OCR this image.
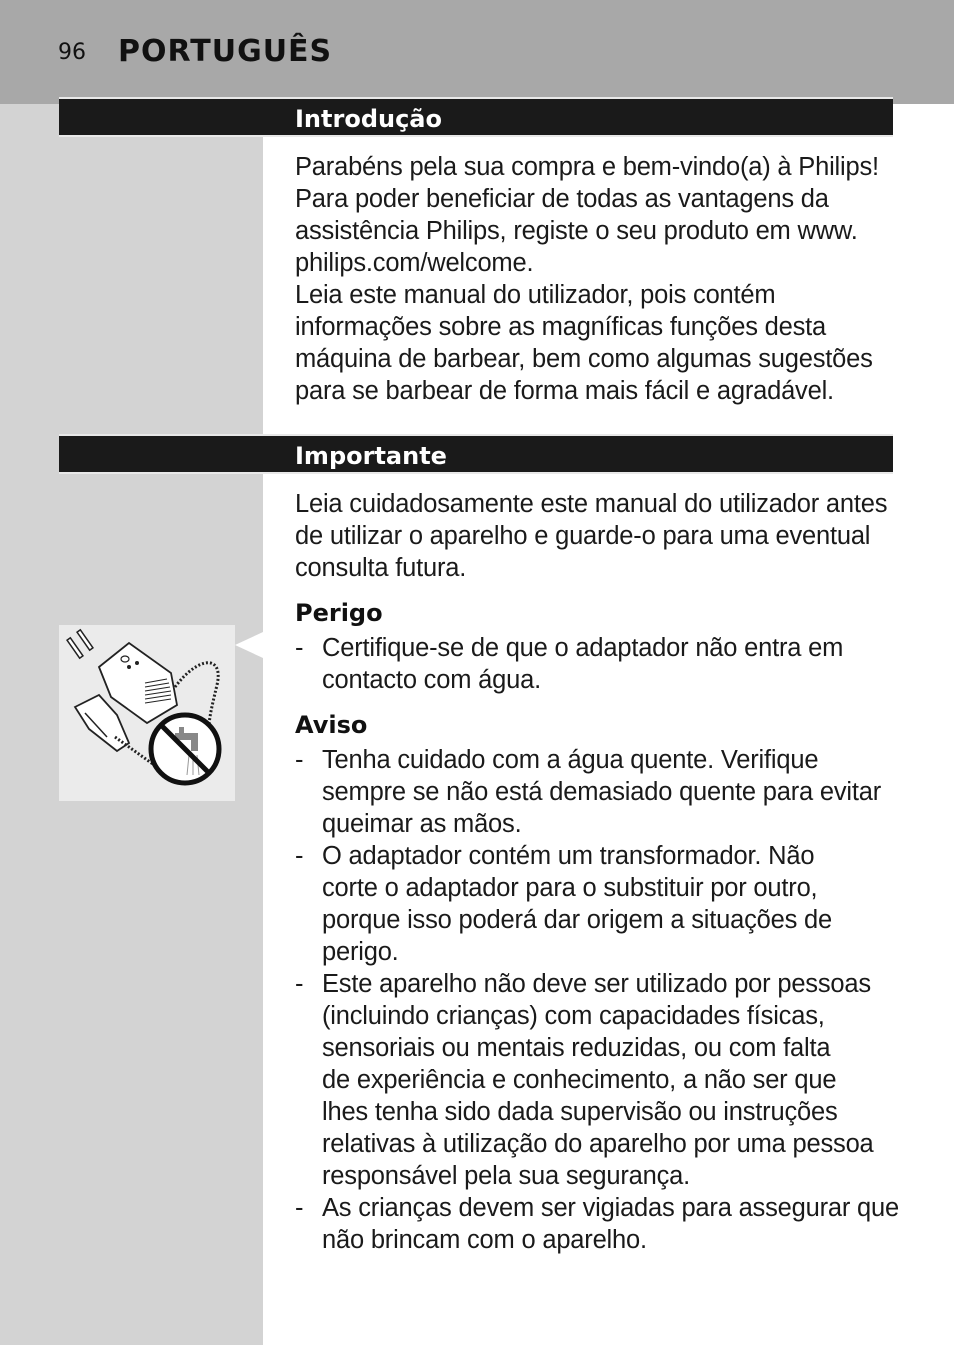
96 PORTUGUÊS
Introdução

Parabéns pela sua compra e bem-vindo(a) à Philips!
Para poder beneficiar de todas as vantagens da
assistência Philips, registe o seu produto em www.
philips.com/welcome.
Leia este manual do utilizador, pois contém
informações sobre as magníficas funções desta
máquina de barbear, bem como algumas sugestões
para se barbear de forma mais fácil e agradável.

Importante

Leia cuidadosamente este manual do utilizador antes
de utilizar o aparelho e guarde-o para uma eventual
consulta futura.

Perigo
- Certifique-se de que o adaptador não entra em
contacto com água.
Aviso
- Tenha cuidado com a água quente. Verifique
sempre se não está demasiado quente para evitar
queimar as mãos.
- O adaptador contém um transformador. Não
corte o adaptador para o substituir por outro,
porque isso poderá dar origem a situações de
perigo.
- Este aparelho não deve ser utilizado por pessoas
(incluindo crianças) com capacidades físicas,
sensoriais ou mentais reduzidas, ou com falta
de experiência e conhecimento, a não ser que
lhes tenha sido dada supervisão ou instruções
relativas à utilização do aparelho por uma pessoa
responsável pela sua segurança.
- As crianças devem ser vigiadas para assegurar que
não brincam com o aparelho.
